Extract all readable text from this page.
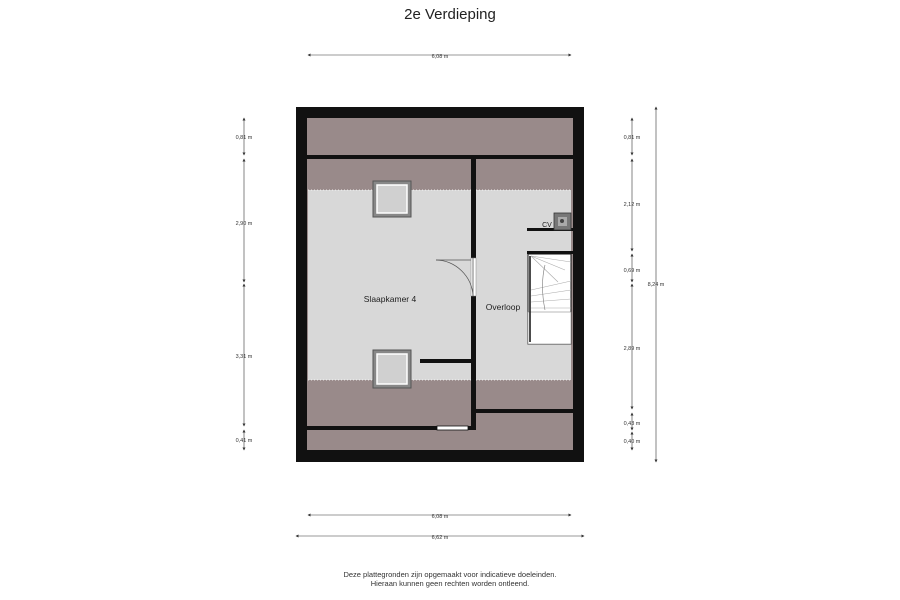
2e Verdieping
Slaapkamer 4
Overloop
CV
6,08 m
6,08 m
6,62 m
0,81 m
2,90 m
3,31 m
0,41 m
0,81 m
2,12 m
0,69 m
2,89 m
0,43 m
0,40 m
8,24 m
Deze plattegronden zijn opgemaakt voor indicatieve doeleinden.
Hieraan kunnen geen rechten worden ontleend.
